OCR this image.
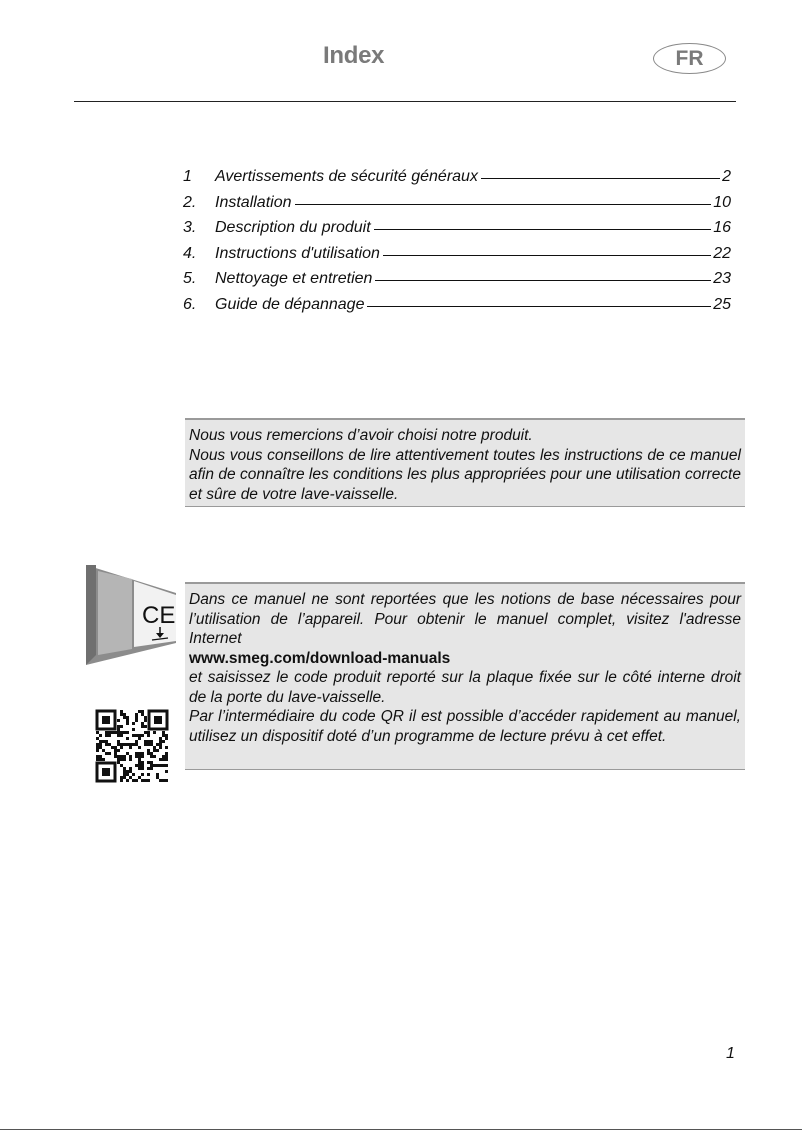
Index	FR
1	Avertissements de sécurité généraux	2
2.	Installation	10
3.	Description du produit	16
4.	Instructions d'utilisation	22
5.	Nettoyage et entretien	23
6.	Guide de dépannage	25

Nous vous remercions d’avoir choisi notre produit.

Nous vous conseillons de lire attentivement toutes les instructions de ce manuel afin de connaître les conditions les plus appropriées pour une utilisation correcte et sûre de votre lave-vaisselle.

CE

Dans ce manuel ne sont reportées que les notions de base nécessaires pour l’utilisation de l’appareil. Pour obtenir le manuel complet, visitez l'adresse Internet

www.smeg.com/download-manuals

et saisissez le code produit reporté sur la plaque fixée sur le côté interne droit de la porte du lave-vaisselle.

Par l’intermédiaire du code QR il est possible d’accéder rapidement au manuel, utilisez un dispositif doté d’un programme de lecture prévu à cet effet.

1
